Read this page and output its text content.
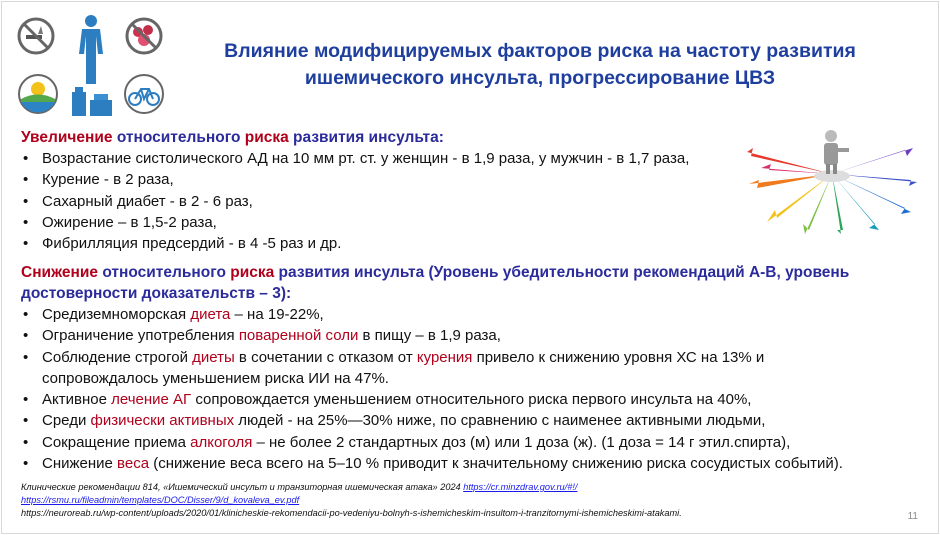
Влияние модифицируемых факторов риска на частоту развития
ишемического инсульта, прогрессирование ЦВЗ
Увеличение относительного риска развития инсульта:
• Возрастание систолического АД на 10 мм рт. ст. у женщин - в 1,9 раза, у мужчин - в 1,7 раза,
• Курение - в 2 раза,
• Сахарный диабет - в 2 - 6 раз,
• Ожирение – в 1,5-2 раза,
• Фибрилляция предсердий - в 4 -5 раз и др.
Снижение относительного риска развития инсульта (Уровень убедительности рекомендаций А-В, уровень
достоверности доказательств – 3):
• Средиземноморская диета – на 19-22%,
• Ограничение употребления поваренной соли в пищу – в 1,9 раза,
• Соблюдение строгой диеты в сочетании с отказом от курения привело к снижению уровня ХС на 13% и
сопровождалось уменьшением риска ИИ на 47%.
• Активное лечение АГ сопровождается уменьшением относительного риска первого инсульта на 40%,
• Среди физически активных людей - на 25%—30% ниже, по сравнению с наименее активными людьми,
• Сокращение приема алкоголя – не более 2 стандартных доз (м) или 1 доза (ж). (1 доза = 14 г этил.спирта),
• Снижение веса (снижение веса всего на 5–10 % приводит к значительному снижению риска сосудистых событий).
Клинические рекомендации 814, «Ишемический инсульт и транзиторная ишемическая атака» 2024 https://cr.minzdrav.gov.ru/#!/
https://rsmu.ru/fileadmin/templates/DOC/Disser/9/d_kovaleva_ev.pdf
https://neuroreab.ru/wp-content/uploads/2020/01/klinicheskie-rekomendacii-po-vedeniyu-bolnyh-s-ishemicheskim-insultom-i-tranzitornymi-ishemicheskimi-atakami.	11
